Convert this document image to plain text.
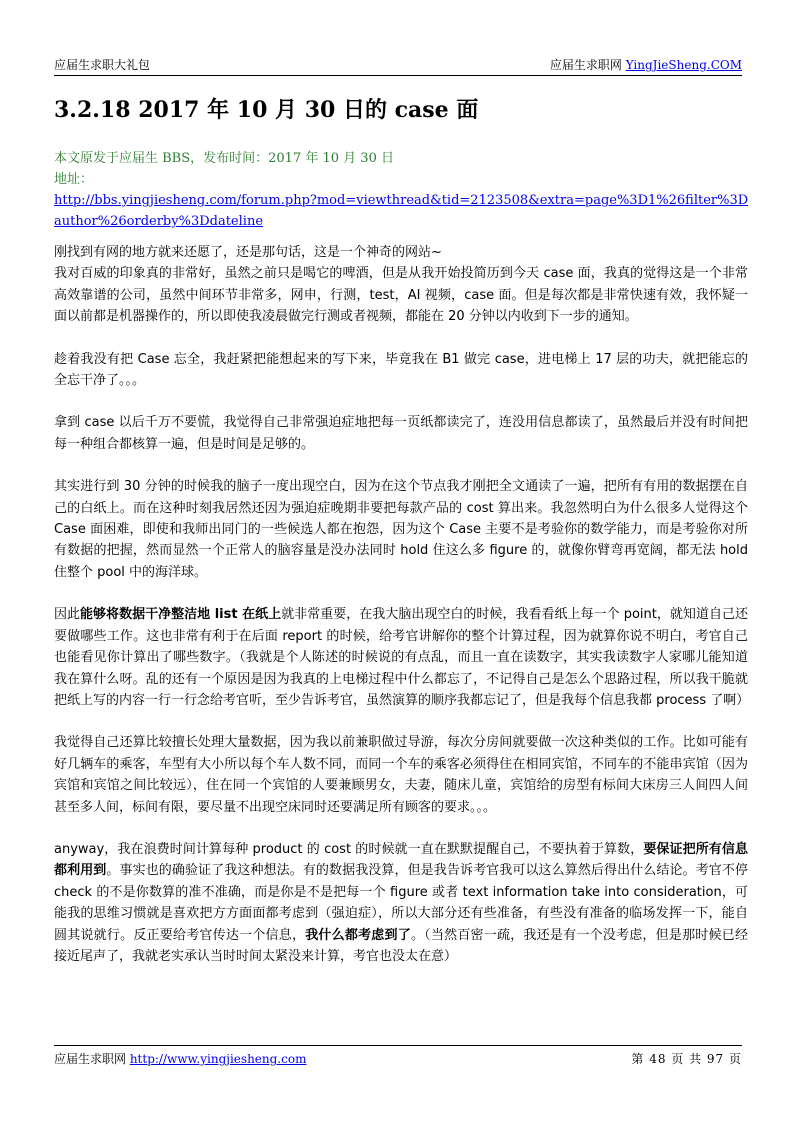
应届生求职大礼包	应届生求职网 YingJieSheng.COM
3.2.18 2017 年 10 月 30 日的 case 面
本文原发于应届生 BBS，发布时间：2017 年 10 月 30 日
地址：
http://bbs.yingjiesheng.com/forum.php?mod=viewthread&tid=2123508&extra=page%3D1%26filter%3Dauthor%26orderby%3Ddateline

刚找到有网的地方就来还愿了，还是那句话，这是一个神奇的网站~
我对百威的印象真的非常好，虽然之前只是喝它的啤酒，但是从我开始投简历到今天 case 面，我真的觉得这是一个非常高效靠谱的公司，虽然中间环节非常多，网申，行测，test，AI 视频，case 面。但是每次都是非常快速有效，我怀疑一面以前都是机器操作的，所以即使我凌晨做完行测或者视频，都能在 20 分钟以内收到下一步的通知。

趁着我没有把 Case 忘全，我赶紧把能想起来的写下来，毕竟我在 B1 做完 case，进电梯上 17 层的功夫，就把能忘的全忘干净了。。。

拿到 case 以后千万不要慌，我觉得自己非常强迫症地把每一页纸都读完了，连没用信息都读了，虽然最后并没有时间把每一种组合都核算一遍，但是时间是足够的。

其实进行到 30 分钟的时候我的脑子一度出现空白，因为在这个节点我才刚把全文通读了一遍，把所有有用的数据摆在自己的白纸上。而在这种时刻我居然还因为强迫症晚期非要把每款产品的 cost 算出来。我忽然明白为什么很多人觉得这个 Case 面困难，即使和我师出同门的一些候选人都在抱怨，因为这个 Case 主要不是考验你的数学能力，而是考验你对所有数据的把握，然而显然一个正常人的脑容量是没办法同时 hold 住这么多 figure 的，就像你臂弯再宽阔，都无法 hold 住整个 pool 中的海洋球。

因此能够将数据干净整洁地 list 在纸上就非常重要，在我大脑出现空白的时候，我看看纸上每一个 point，就知道自己还要做哪些工作。这也非常有利于在后面 report 的时候，给考官讲解你的整个计算过程，因为就算你说不明白，考官自己也能看见你计算出了哪些数字。（我就是个人陈述的时候说的有点乱，而且一直在读数字，其实我读数字人家哪儿能知道我在算什么呀。乱的还有一个原因是因为我真的上电梯过程中什么都忘了，不记得自己是怎么个思路过程，所以我干脆就把纸上写的内容一行一行念给考官听，至少告诉考官，虽然演算的顺序我都忘记了，但是我每个信息我都 process 了啊）

我觉得自己还算比较擅长处理大量数据，因为我以前兼职做过导游，每次分房间就要做一次这种类似的工作。比如可能有好几辆车的乘客，车型有大小所以每个车人数不同，而同一个车的乘客必须得住在相同宾馆，不同车的不能串宾馆（因为宾馆和宾馆之间比较远），住在同一个宾馆的人要兼顾男女，夫妻，随床儿童，宾馆给的房型有标间大床房三人间四人间甚至多人间，标间有限，要尽量不出现空床同时还要满足所有顾客的要求。。。

anyway，我在浪费时间计算每种 product 的 cost 的时候就一直在默默提醒自己，不要执着于算数，要保证把所有信息都利用到。事实也的确验证了我这种想法。有的数据我没算，但是我告诉考官我可以这么算然后得出什么结论。考官不停 check 的不是你数算的准不准确，而是你是不是把每一个 figure 或者 text information take into consideration，可能我的思维习惯就是喜欢把方方面面都考虑到（强迫症），所以大部分还有些准备，有些没有准备的临场发挥一下，能自圆其说就行。反正要给考官传达一个信息，我什么都考虑到了。（当然百密一疏，我还是有一个没考虑，但是那时候已经接近尾声了，我就老实承认当时时间太紧没来计算，考官也没太在意）

应届生求职网 http://www.yingjiesheng.com	第 48 页 共 97 页
